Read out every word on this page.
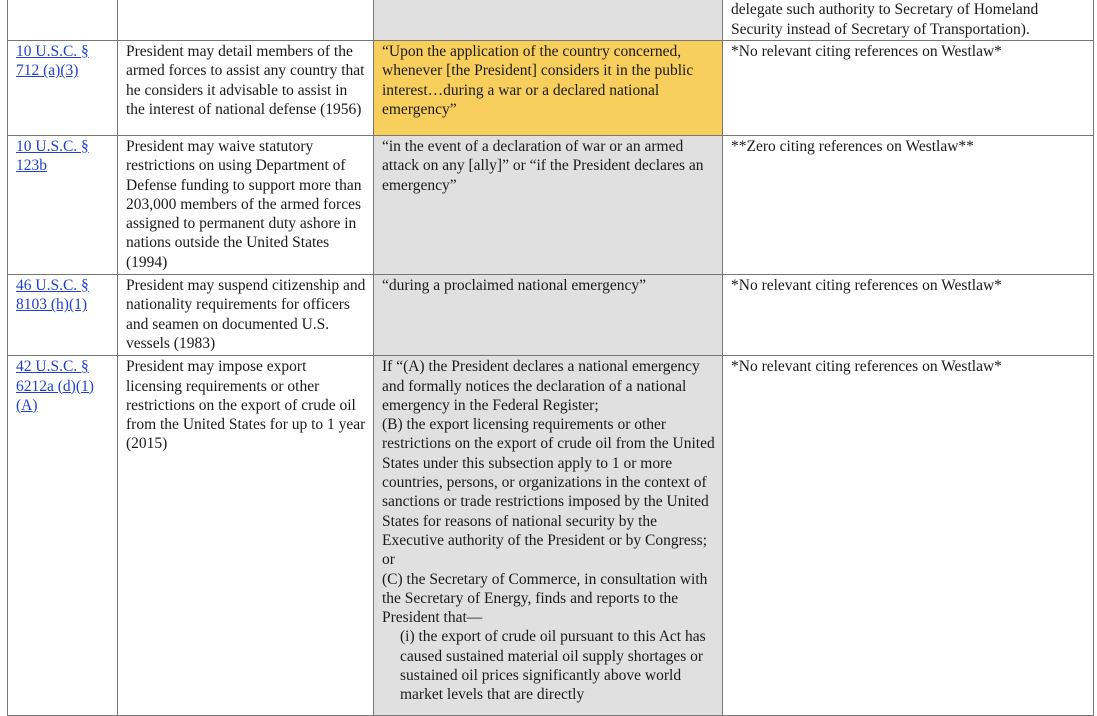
			delegate such authority to Secretary of Homeland Security instead of Secretary of Transportation).

10 U.S.C. § 712 (a)(3)	President may detail members of the armed forces to assist any country that he considers it advisable to assist in the interest of national defense (1956)	“Upon the application of the country concerned, whenever [the President] considers it in the public interest…during a war or a declared national emergency”	*No relevant citing references on Westlaw*

10 U.S.C. § 123b	President may waive statutory restrictions on using Department of Defense funding to support more than 203,000 members of the armed forces assigned to permanent duty ashore in nations outside the United States (1994)	“in the event of a declaration of war or an armed attack on any [ally]” or “if the President declares an emergency”	**Zero citing references on Westlaw**

46 U.S.C. § 8103 (h)(1)	President may suspend citizenship and nationality requirements for officers and seamen on documented U.S. vessels (1983)	“during a proclaimed national emergency”	*No relevant citing references on Westlaw*

42 U.S.C. § 6212a (d)(1)(A)	President may impose export licensing requirements or other restrictions on the export of crude oil from the United States for up to 1 year (2015)	If “(A) the President declares a national emergency and formally notices the declaration of a national emergency in the Federal Register;
(B) the export licensing requirements or other restrictions on the export of crude oil from the United States under this subsection apply to 1 or more countries, persons, or organizations in the context of sanctions or trade restrictions imposed by the United States for reasons of national security by the Executive authority of the President or by Congress; or
(C) the Secretary of Commerce, in consultation with the Secretary of Energy, finds and reports to the President that—
(i) the export of crude oil pursuant to this Act has caused sustained material oil supply shortages or sustained oil prices significantly above world market levels that are directly	*No relevant citing references on Westlaw*
